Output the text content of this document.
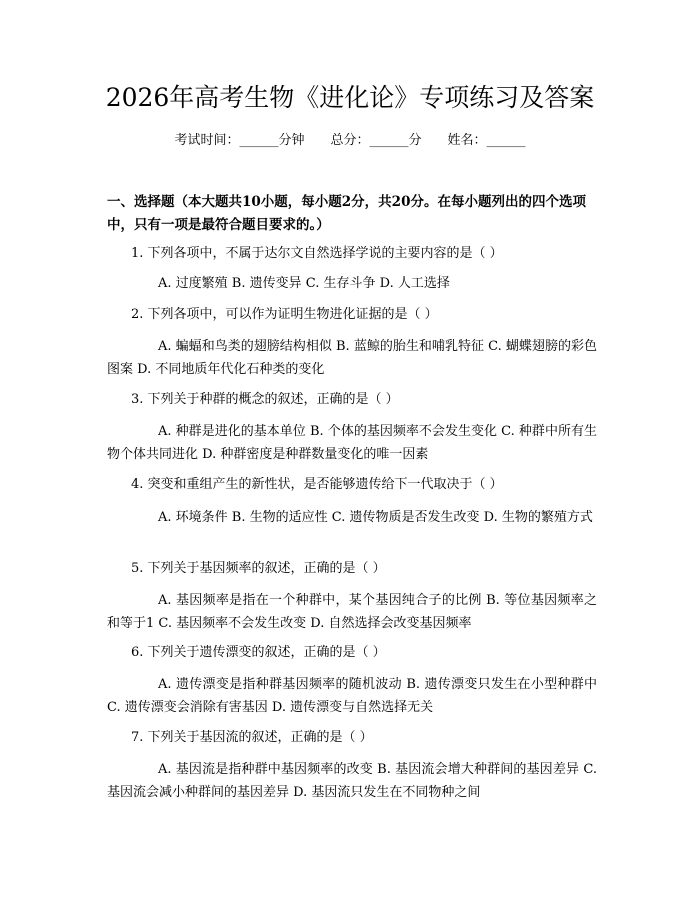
2026年高考生物《进化论》专项练习及答案
考试时间：______分钟 总分：______分 姓名：______
一、选择题（本大题共10小题，每小题2分，共20分。在每小题列出的四个选项中，只有一项是最符合题目要求的。）
1. 下列各项中，不属于达尔文自然选择学说的主要内容的是（ ）
A. 过度繁殖 B. 遗传变异 C. 生存斗争 D. 人工选择
2. 下列各项中，可以作为证明生物进化证据的是（ ）
A. 蝙蝠和鸟类的翅膀结构相似 B. 蓝鲸的胎生和哺乳特征 C. 蝴蝶翅膀的彩色图案 D. 不同地质年代化石种类的变化
3. 下列关于种群的概念的叙述，正确的是（ ）
A. 种群是进化的基本单位 B. 个体的基因频率不会发生变化 C. 种群中所有生物个体共同进化 D. 种群密度是种群数量变化的唯一因素
4. 突变和重组产生的新性状，是否能够遗传给下一代取决于（ ）
A. 环境条件 B. 生物的适应性 C. 遗传物质是否发生改变 D. 生物的繁殖方式
5. 下列关于基因频率的叙述，正确的是（ ）
A. 基因频率是指在一个种群中，某个基因纯合子的比例 B. 等位基因频率之和等于1 C. 基因频率不会发生改变 D. 自然选择会改变基因频率
6. 下列关于遗传漂变的叙述，正确的是（ ）
A. 遗传漂变是指种群基因频率的随机波动 B. 遗传漂变只发生在小型种群中 C. 遗传漂变会消除有害基因 D. 遗传漂变与自然选择无关
7. 下列关于基因流的叙述，正确的是（ ）
A. 基因流是指种群中基因频率的改变 B. 基因流会增大种群间的基因差异 C. 基因流会减小种群间的基因差异 D. 基因流只发生在不同物种之间
